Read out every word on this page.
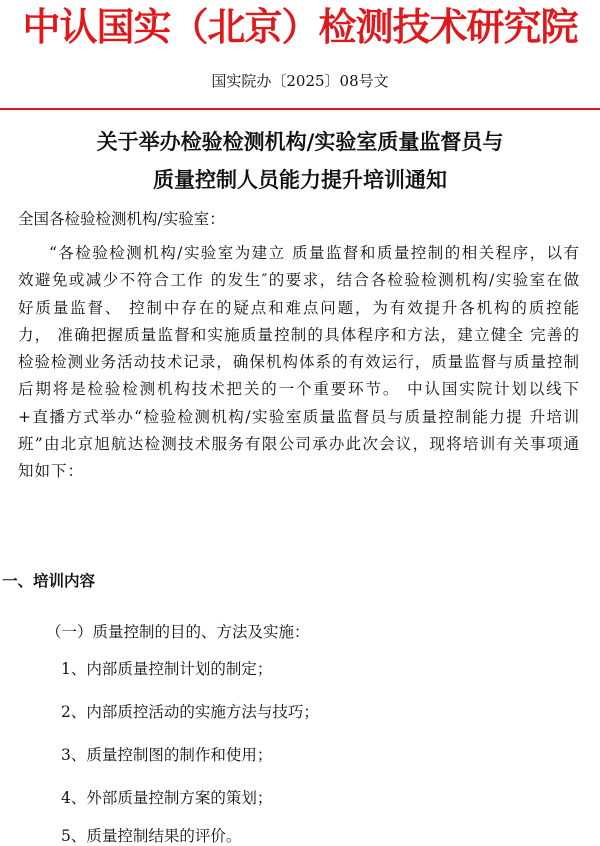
中认国实（北京）检测技术研究院
国实院办〔2025〕08号文
关于举办检验检测机构/实验室质量监督员与
质量控制人员能力提升培训通知
全国各检验检测机构/实验室：
“各检验检测机构/实验室为建立 质量监督和质量控制的相关程序，以有效避免或减少不符合工作 的发生″的要求，结合各检验检测机构/实验室在做好质量监督、 控制中存在的疑点和难点问题，为有效提升各机构的质控能力， 准确把握质量监督和实施质量控制的具体程序和方法，建立健全 完善的检验检测业务活动技术记录，确保机构体系的有效运行，质量监督与质量控制后期将是检验检测机构技术把关的一个重要环节。 中认国实院计划以线下+直播方式举办“检验检测机构/实验室质量监督员与质量控制能力提 升培训班”由北京旭航达检测技术服务有限公司承办此次会议，现将培训有关事项通知如下：
一、培训内容
（一）质量控制的目的、方法及实施：
1、内部质量控制计划的制定；
2、内部质控活动的实施方法与技巧；
3、质量控制图的制作和使用；
4、外部质量控制方案的策划；
5、质量控制结果的评价。
